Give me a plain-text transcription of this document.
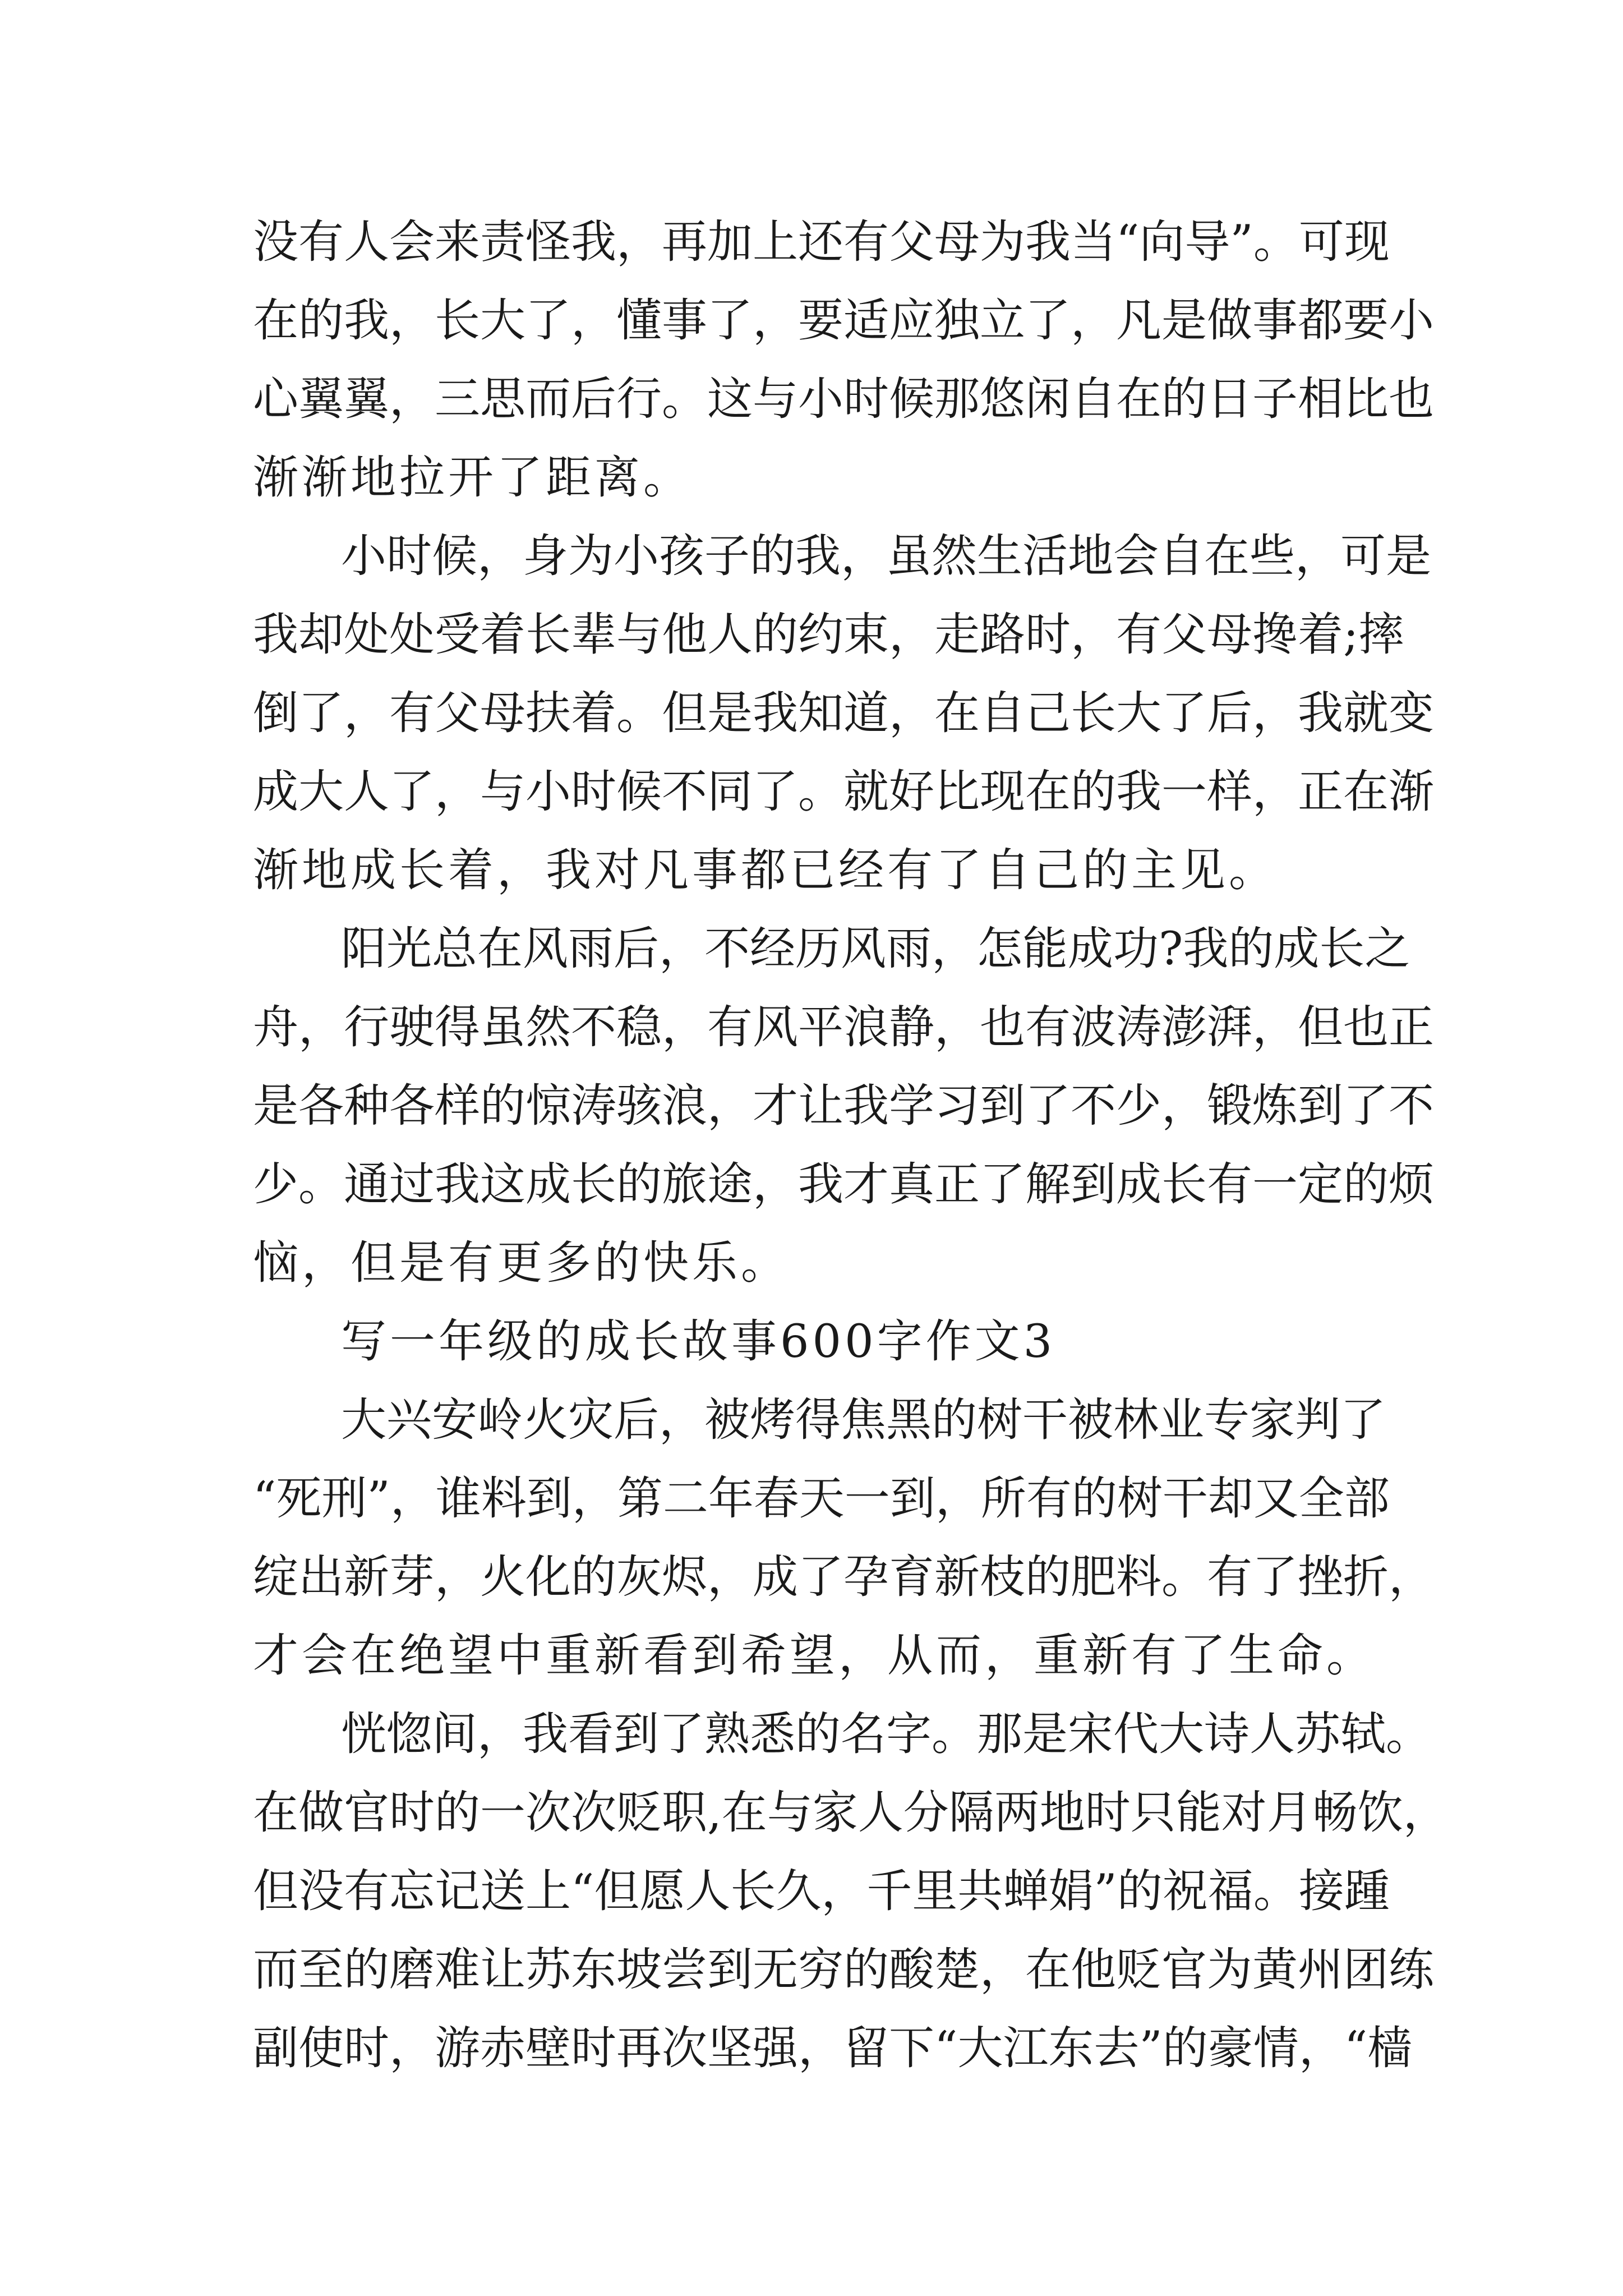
没有人会来责怪我，再加上还有父母为我当“向导”。可现
在的我，长大了，懂事了，要适应独立了，凡是做事都要小
心翼翼，三思而后行。这与小时候那悠闲自在的日子相比也
渐渐地拉开了距离。
小时候，身为小孩子的我，虽然生活地会自在些，可是
我却处处受着长辈与他人的约束，走路时，有父母搀着;摔
倒了，有父母扶着。但是我知道，在自己长大了后，我就变
成大人了，与小时候不同了。就好比现在的我一样，正在渐
渐地成长着，我对凡事都已经有了自己的主见。
阳光总在风雨后，不经历风雨，怎能成功?我的成长之
舟，行驶得虽然不稳，有风平浪静，也有波涛澎湃，但也正
是各种各样的惊涛骇浪，才让我学习到了不少，锻炼到了不
少。通过我这成长的旅途，我才真正了解到成长有一定的烦
恼，但是有更多的快乐。
写一年级的成长故事600字作文3
大兴安岭火灾后，被烤得焦黑的树干被林业专家判了
“死刑”，谁料到，第二年春天一到，所有的树干却又全部
绽出新芽，火化的灰烬，成了孕育新枝的肥料。有了挫折，
才会在绝望中重新看到希望，从而，重新有了生命。
恍惚间，我看到了熟悉的名字。那是宋代大诗人苏轼。
在做官时的一次次贬职,在与家人分隔两地时只能对月畅饮，
但没有忘记送上“但愿人长久，千里共蝉娟”的祝福。接踵
而至的磨难让苏东坡尝到无穷的酸楚，在他贬官为黄州团练
副使时，游赤壁时再次坚强，留下“大江东去”的豪情，“樯
